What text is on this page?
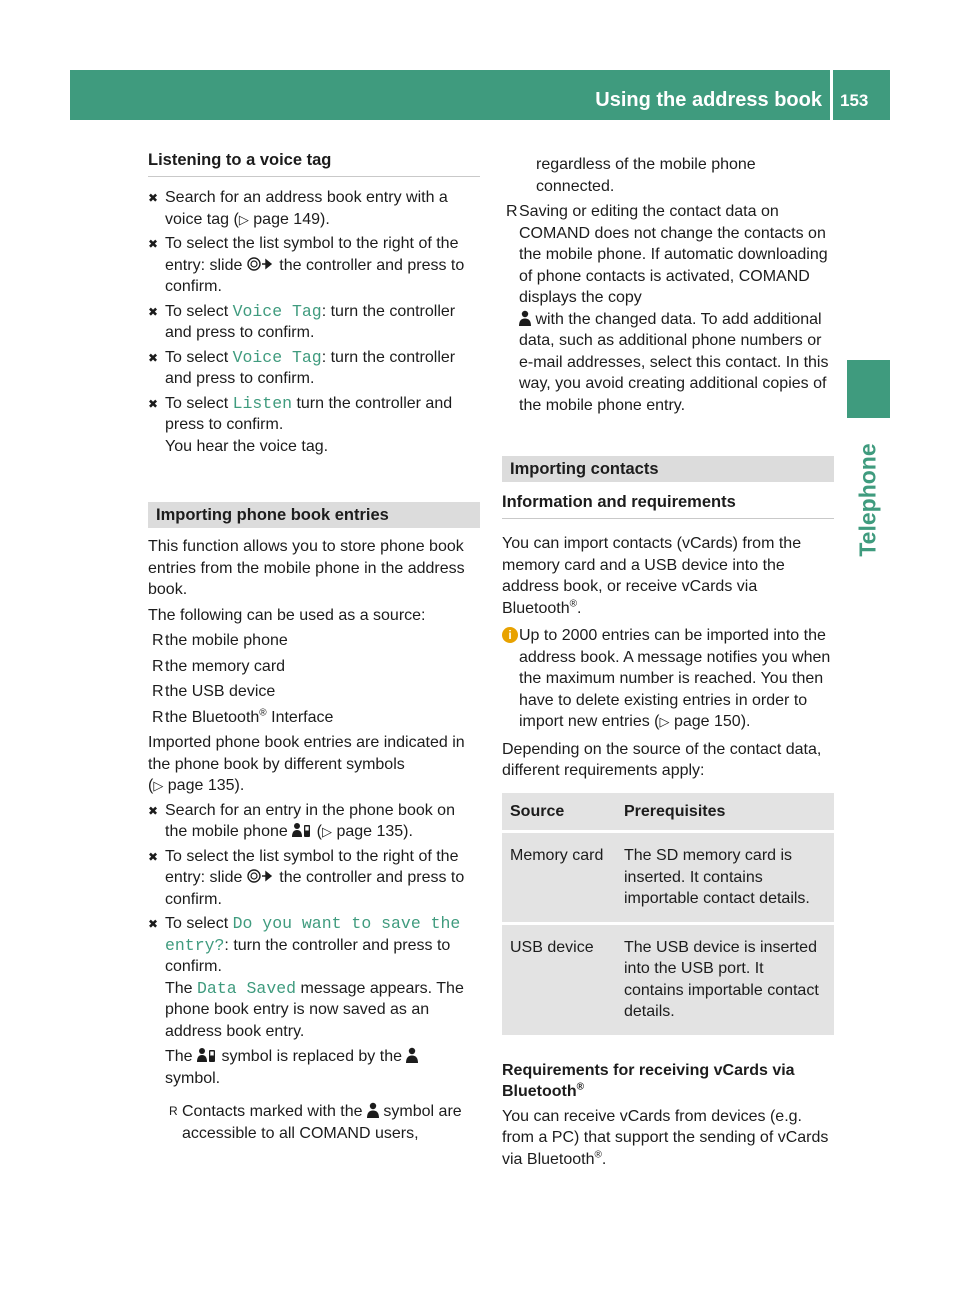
Using the address book 153
Telephone
Listening to a voice tag
✖ Search for an address book entry with a voice tag (▷ page 149).
✖ To select the list symbol to the right of the entry: slide  the controller and press to confirm.
✖ To select Voice Tag: turn the controller and press to confirm.
✖ To select Voice Tag: turn the controller and press to confirm.
✖ To select Listen turn the controller and press to confirm.
You hear the voice tag.
Importing phone book entries
This function allows you to store phone book entries from the mobile phone in the address book.
The following can be used as a source:
R the mobile phone
R the memory card
R the USB device
R the Bluetooth® Interface
Imported phone book entries are indicated in the phone book by different symbols
(▷ page 135).
✖ Search for an entry in the phone book on the mobile phone  (▷ page 135).
✖ To select the list symbol to the right of the entry: slide  the controller and press to confirm.
✖ To select Do you want to save the entry?: turn the controller and press to confirm.
The Data Saved message appears. The phone book entry is now saved as an address book entry.
The  symbol is replaced by the
symbol.
R Contacts marked with the  symbol are accessible to all COMAND users,
regardless of the mobile phone connected.
R Saving or editing the contact data on COMAND does not change the contacts on the mobile phone. If automatic downloading of phone contacts is activated, COMAND displays the copy
with the changed data. To add additional data, such as additional phone numbers or e-mail addresses, select this contact. In this way, you avoid creating additional copies of the mobile phone entry.
Importing contacts
Information and requirements
You can import contacts (vCards) from the memory card and a USB device into the address book, or receive vCards via Bluetooth®.
i Up to 2000 entries can be imported into the address book. A message notifies you when the maximum number is reached. You then have to delete existing entries in order to import new entries (▷ page 150).
Depending on the source of the contact data, different requirements apply:
Source	Prerequisites
Memory card	The SD memory card is inserted. It contains importable contact details.
USB device	The USB device is inserted into the USB port. It contains importable contact details.
Requirements for receiving vCards via Bluetooth®
You can receive vCards from devices (e.g. from a PC) that support the sending of vCards via Bluetooth®.
